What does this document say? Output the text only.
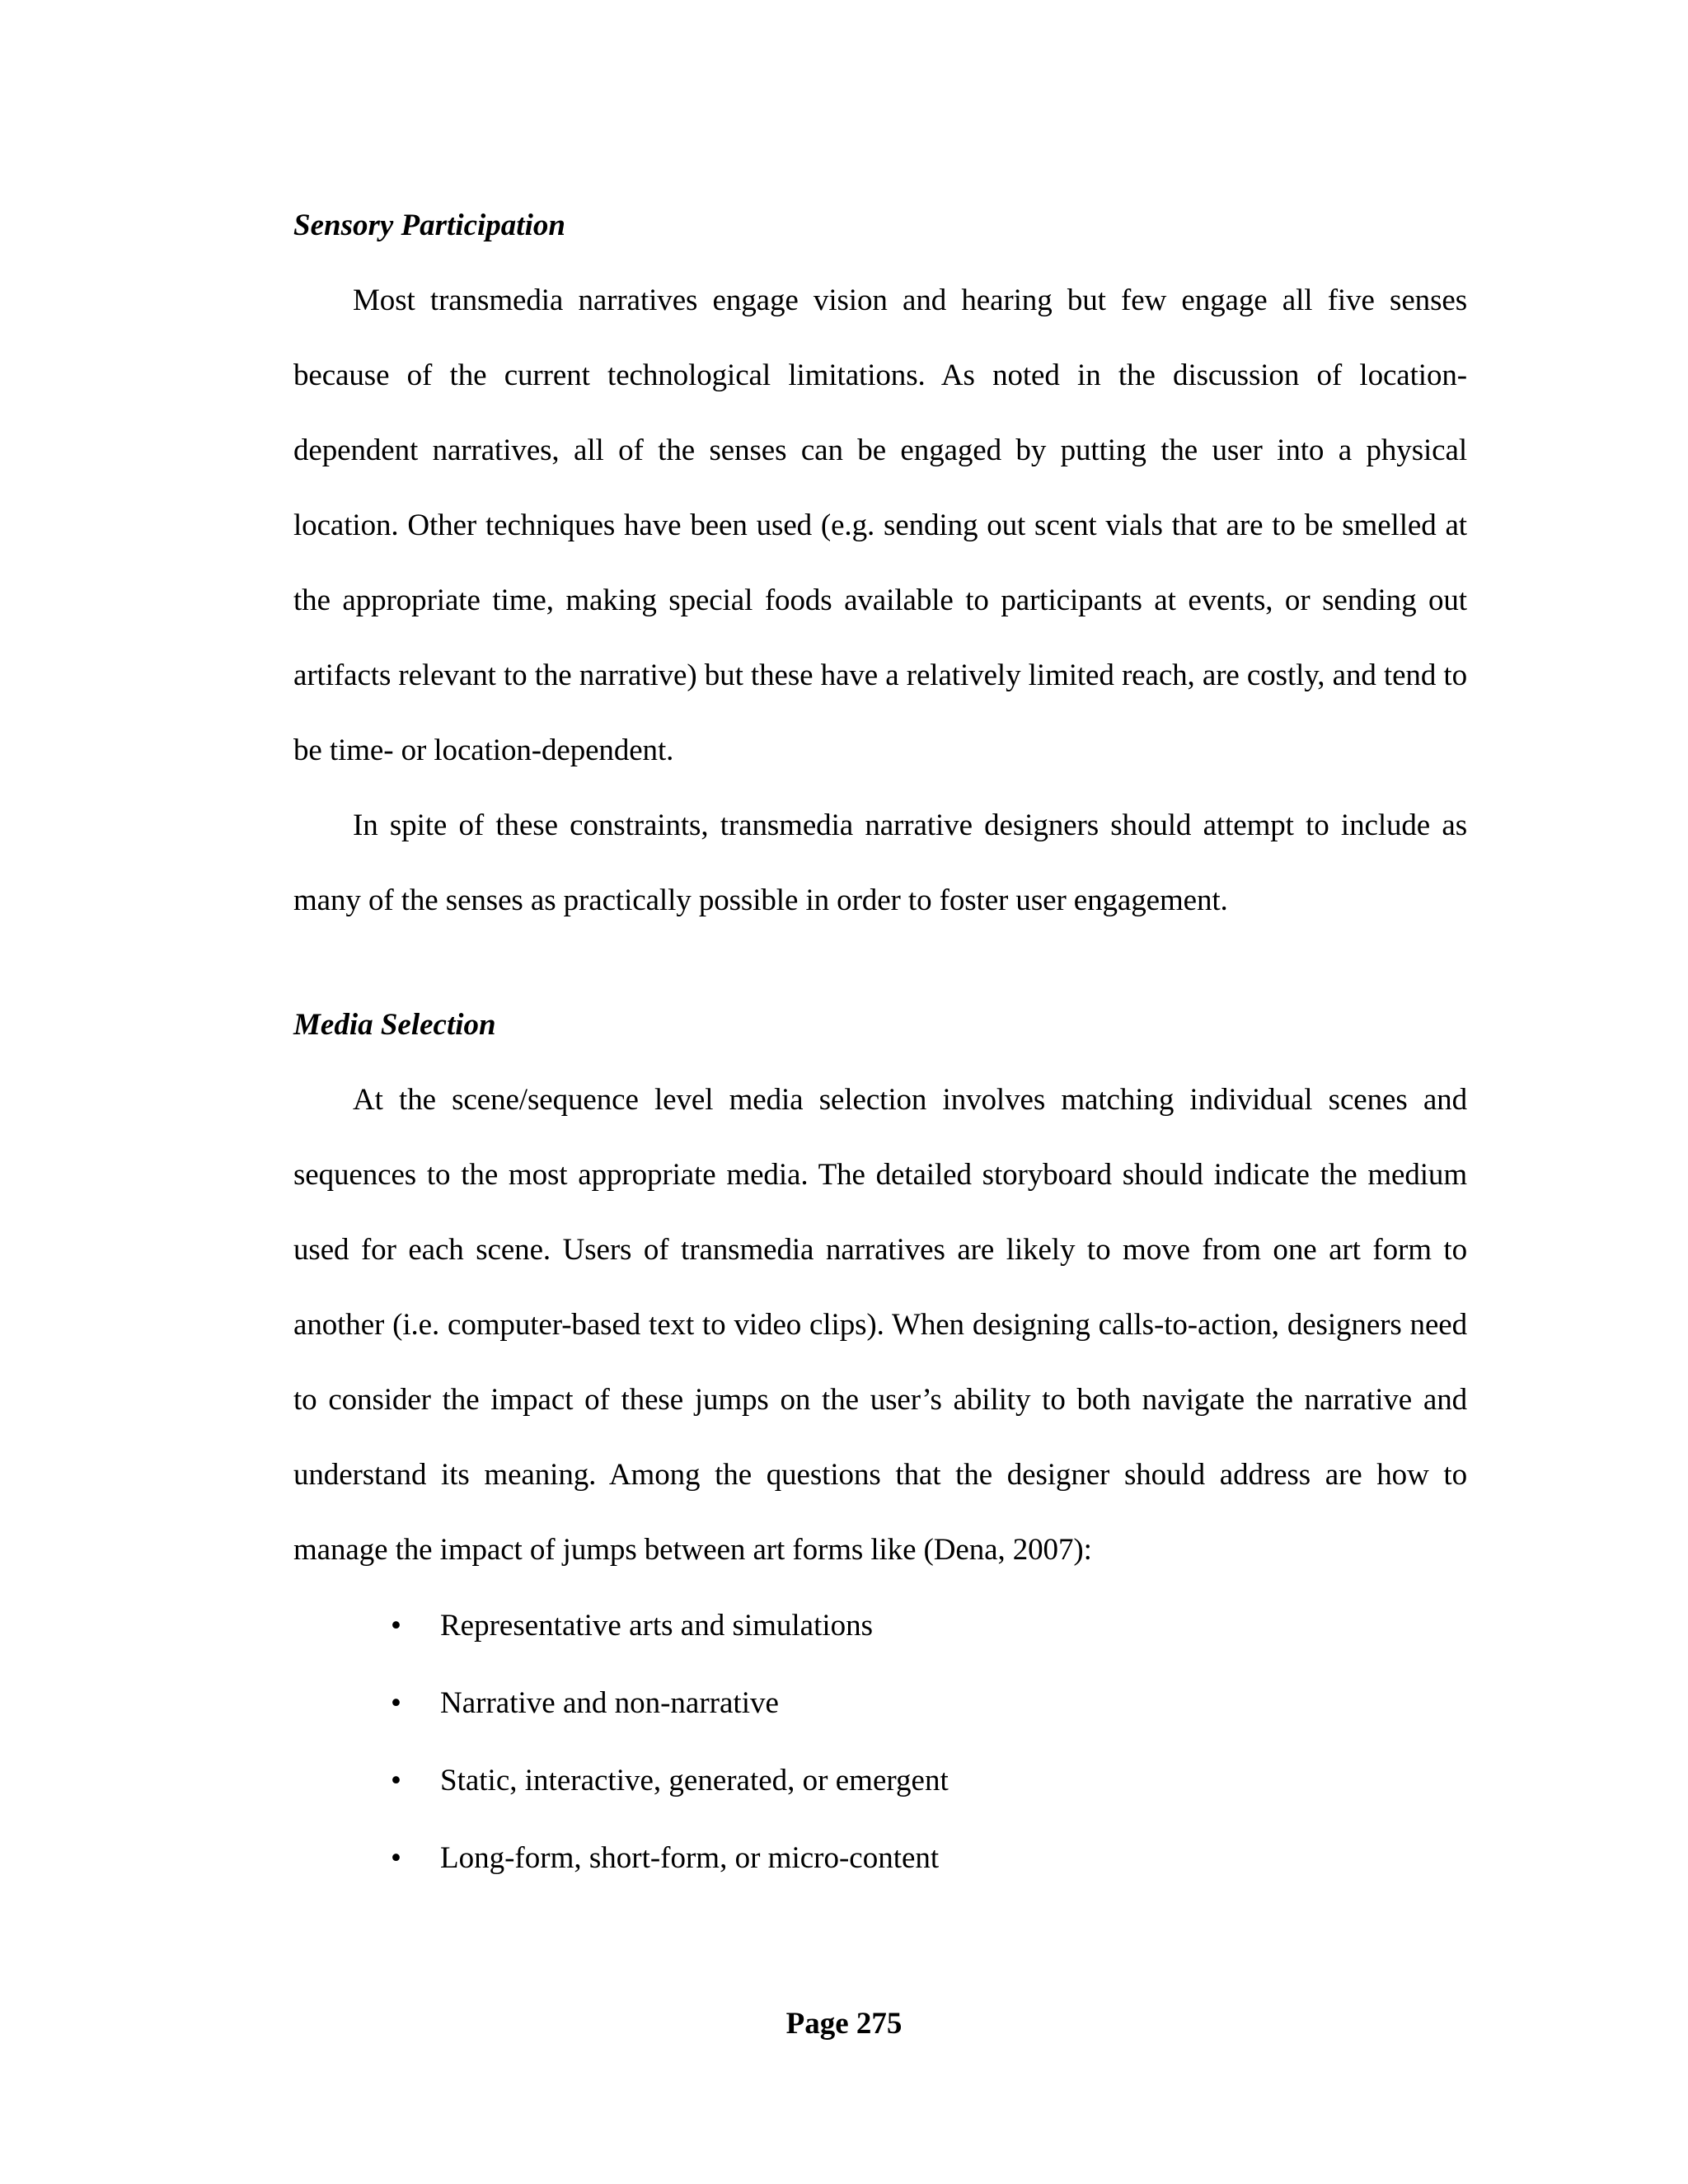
Sensory Participation

Most transmedia narratives engage vision and hearing but few engage all five senses because of the current technological limitations. As noted in the discussion of location-dependent narratives, all of the senses can be engaged by putting the user into a physical location. Other techniques have been used (e.g. sending out scent vials that are to be smelled at the appropriate time, making special foods available to participants at events, or sending out artifacts relevant to the narrative) but these have a relatively limited reach, are costly, and tend to be time- or location-dependent.

In spite of these constraints, transmedia narrative designers should attempt to include as many of the senses as practically possible in order to foster user engagement.

Media Selection

At the scene/sequence level media selection involves matching individual scenes and sequences to the most appropriate media. The detailed storyboard should indicate the medium used for each scene. Users of transmedia narratives are likely to move from one art form to another (i.e. computer-based text to video clips). When designing calls-to-action, designers need to consider the impact of these jumps on the user’s ability to both navigate the narrative and understand its meaning. Among the questions that the designer should address are how to manage the impact of jumps between art forms like (Dena, 2007):

• Representative arts and simulations
• Narrative and non-narrative
• Static, interactive, generated, or emergent
• Long-form, short-form, or micro-content

Page 275
